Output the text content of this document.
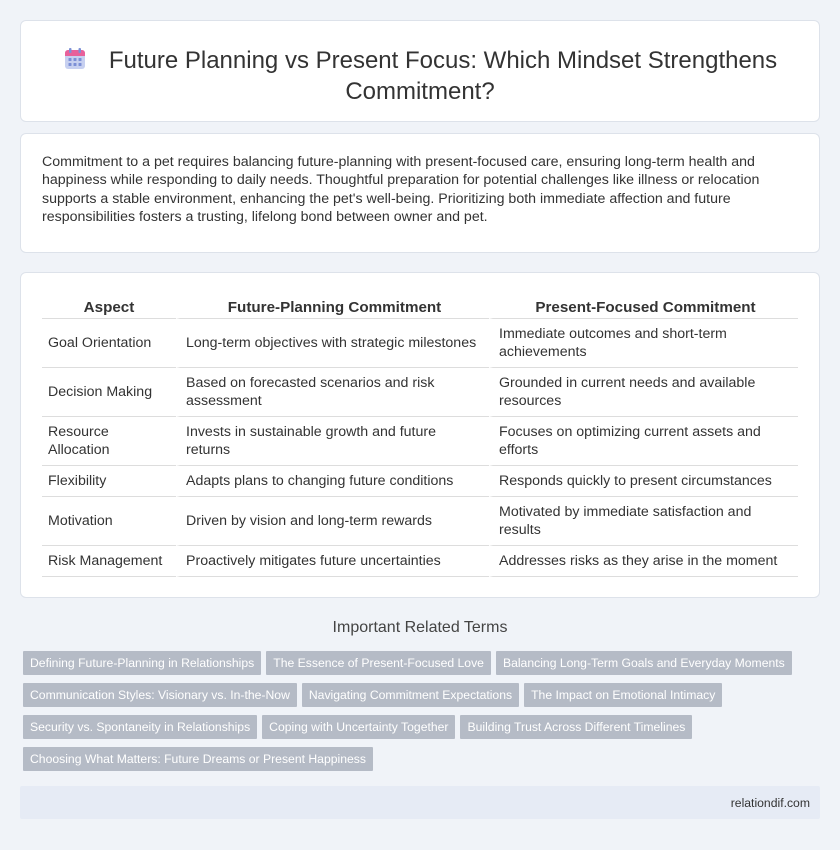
Future Planning vs Present Focus: Which Mindset Strengthens Commitment?

Commitment to a pet requires balancing future-planning with present-focused care, ensuring long-term health and happiness while responding to daily needs. Thoughtful preparation for potential challenges like illness or relocation supports a stable environment, enhancing the pet's well-being. Prioritizing both immediate affection and future responsibilities fosters a trusting, lifelong bond between owner and pet.

Aspect	Future-Planning Commitment	Present-Focused Commitment
Goal Orientation	Long-term objectives with strategic milestones	Immediate outcomes and short-term achievements
Decision Making	Based on forecasted scenarios and risk assessment	Grounded in current needs and available resources
Resource Allocation	Invests in sustainable growth and future returns	Focuses on optimizing current assets and efforts
Flexibility	Adapts plans to changing future conditions	Responds quickly to present circumstances
Motivation	Driven by vision and long-term rewards	Motivated by immediate satisfaction and results
Risk Management	Proactively mitigates future uncertainties	Addresses risks as they arise in the moment
Important Related Terms
Defining Future-Planning in Relationships The Essence of Present-Focused Love Balancing Long-Term Goals and Everyday Moments
Communication Styles: Visionary vs. In-the-Now Navigating Commitment Expectations The Impact on Emotional Intimacy
Security vs. Spontaneity in Relationships Coping with Uncertainty Together Building Trust Across Different Timelines
Choosing What Matters: Future Dreams or Present Happiness
relationdif.com
